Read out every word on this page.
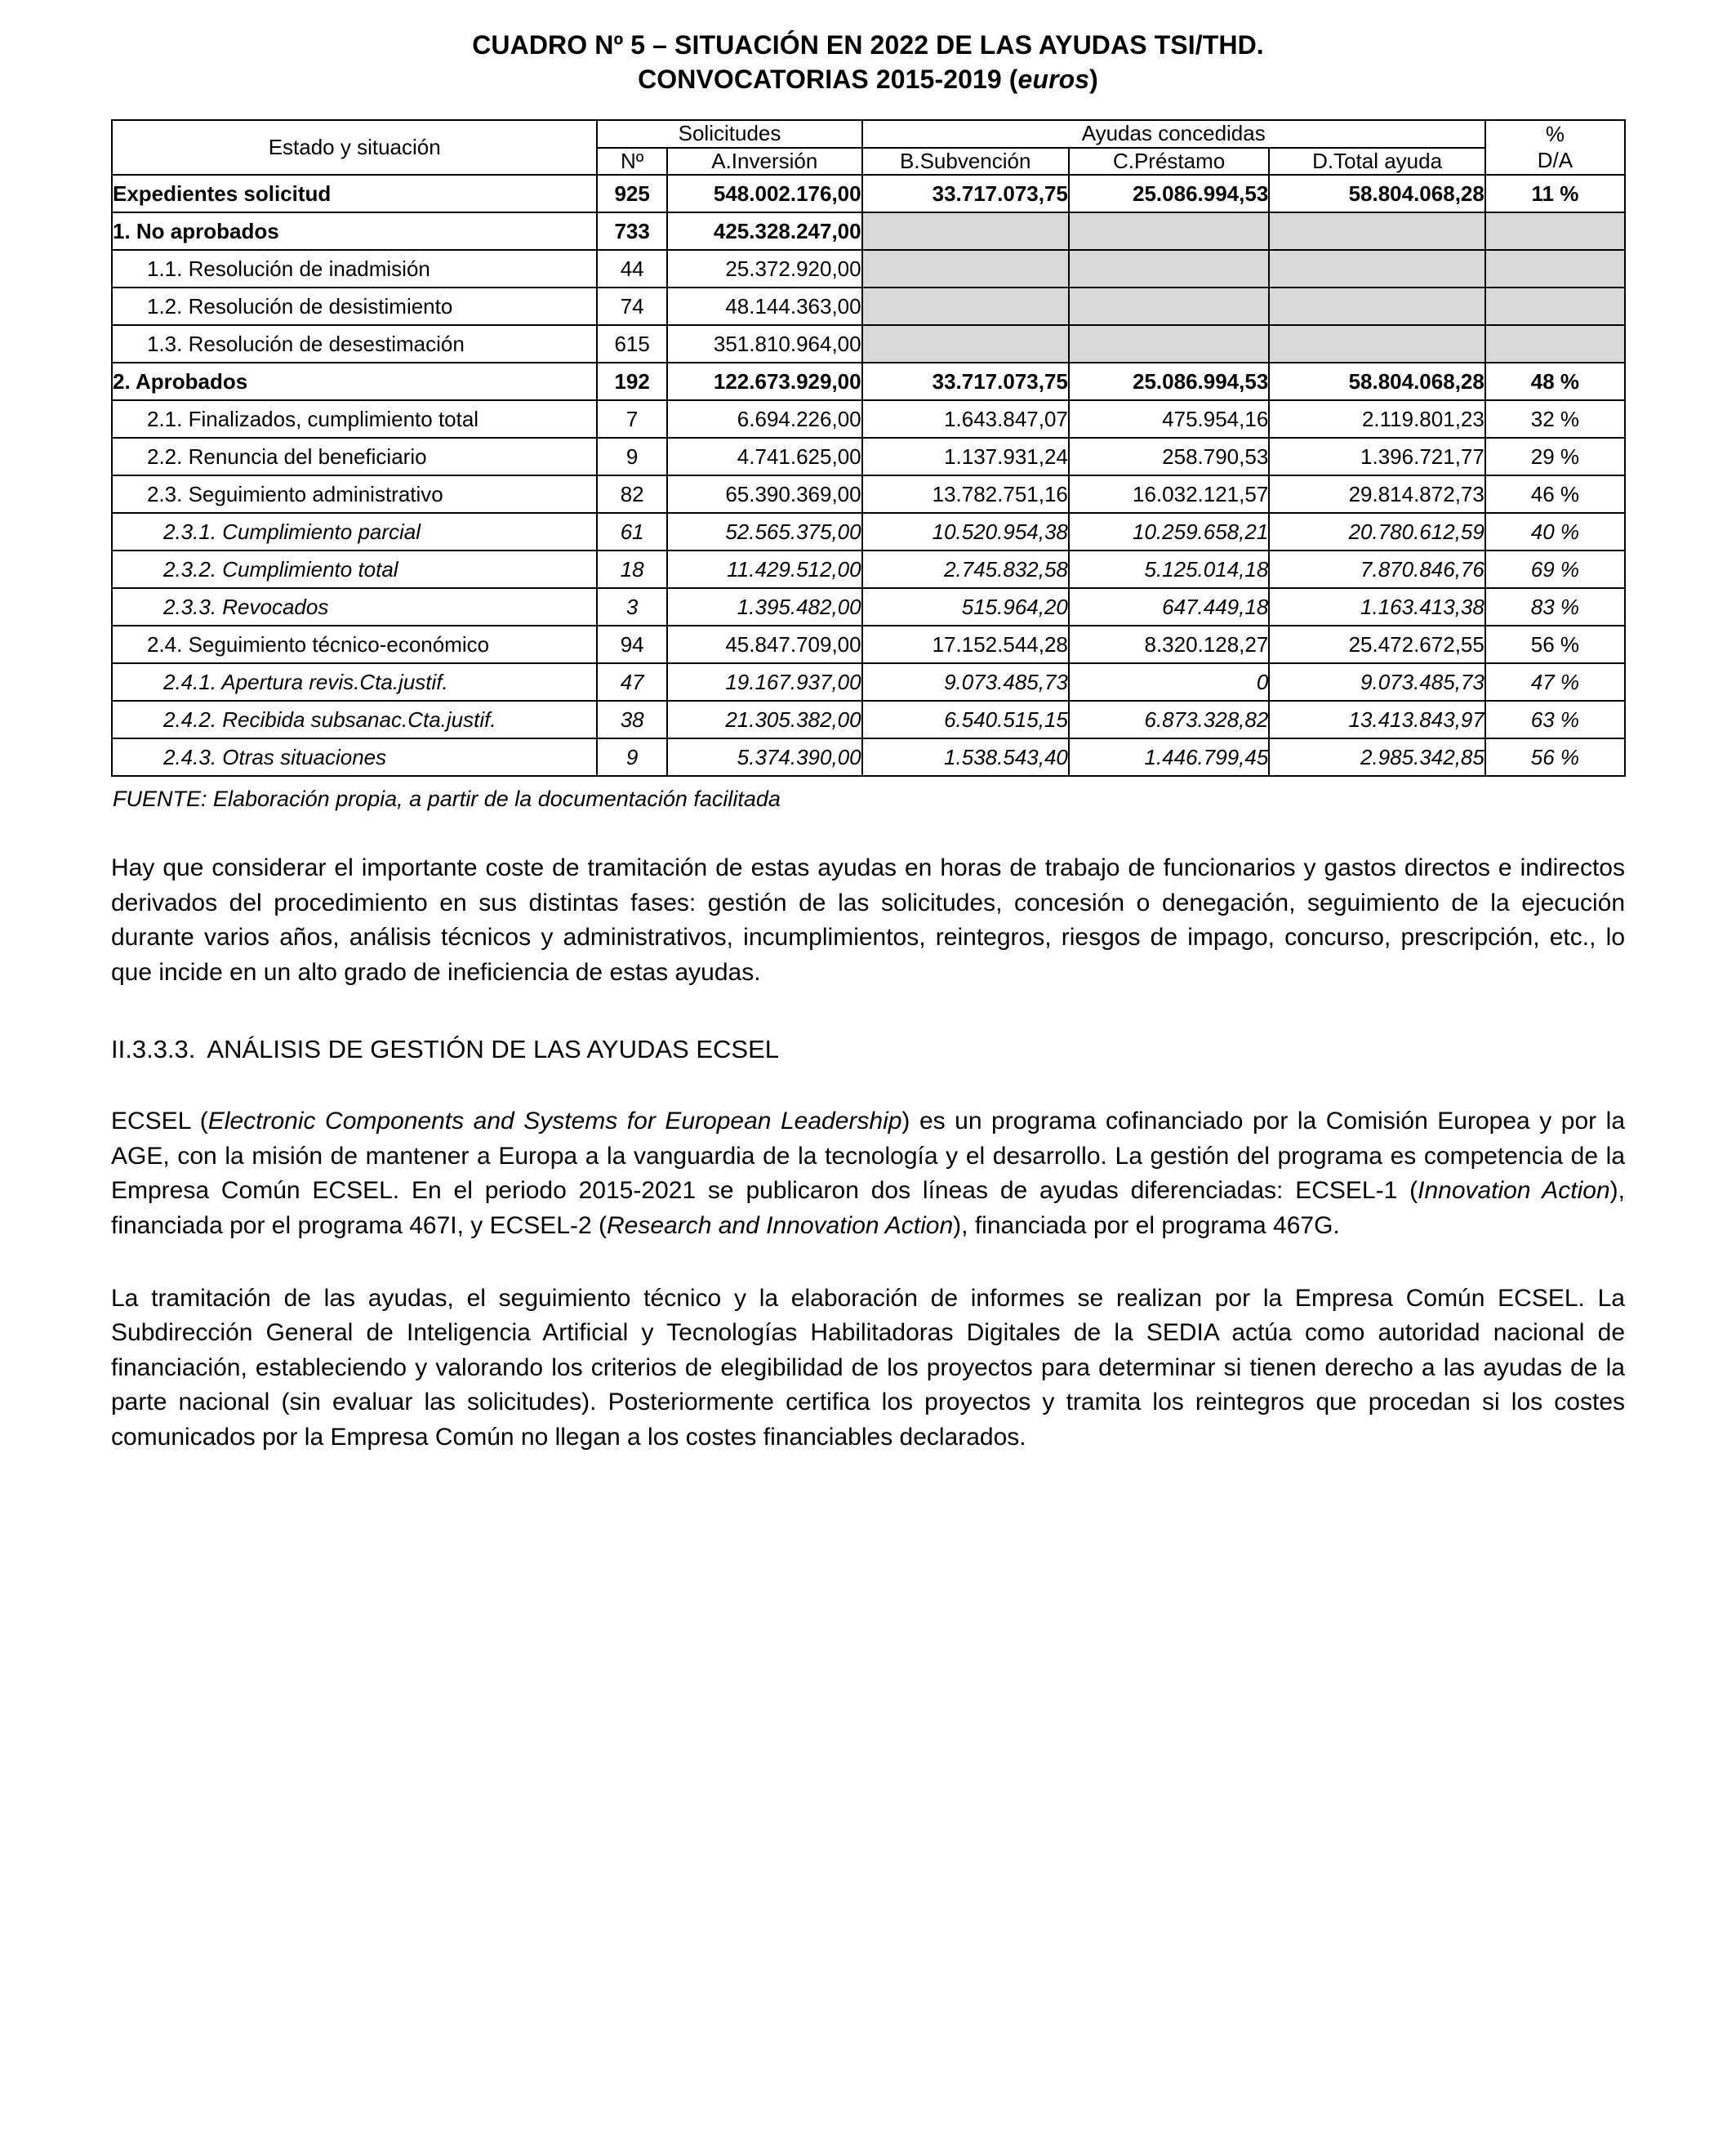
CUADRO Nº 5 – SITUACIÓN EN 2022 DE LAS AYUDAS TSI/THD.
CONVOCATORIAS 2015-2019 (euros)
Estado y situación	Solicitudes		Ayudas concedidas			%
D/A
	Nº	A.Inversión	B.Subvención	C.Préstamo	D.Total ayuda	
Expedientes solicitud	925	548.002.176,00	33.717.073,75	25.086.994,53	58.804.068,28	11 %
1. No aprobados	733	425.328.247,00				
1.1. Resolución de inadmisión	44	25.372.920,00				
1.2. Resolución de desistimiento	74	48.144.363,00				
1.3. Resolución de desestimación	615	351.810.964,00				
2. Aprobados	192	122.673.929,00	33.717.073,75	25.086.994,53	58.804.068,28	48 %
2.1. Finalizados, cumplimiento total	7	6.694.226,00	1.643.847,07	475.954,16	2.119.801,23	32 %
2.2. Renuncia del beneficiario	9	4.741.625,00	1.137.931,24	258.790,53	1.396.721,77	29 %
2.3. Seguimiento administrativo	82	65.390.369,00	13.782.751,16	16.032.121,57	29.814.872,73	46 %
2.3.1. Cumplimiento parcial	61	52.565.375,00	10.520.954,38	10.259.658,21	20.780.612,59	40 %
2.3.2. Cumplimiento total	18	11.429.512,00	2.745.832,58	5.125.014,18	7.870.846,76	69 %
2.3.3. Revocados	3	1.395.482,00	515.964,20	647.449,18	1.163.413,38	83 %
2.4. Seguimiento técnico-económico	94	45.847.709,00	17.152.544,28	8.320.128,27	25.472.672,55	56 %
2.4.1. Apertura revis.Cta.justif.	47	19.167.937,00	9.073.485,73	0	9.073.485,73	47 %
2.4.2. Recibida subsanac.Cta.justif.	38	21.305.382,00	6.540.515,15	6.873.328,82	13.413.843,97	63 %
2.4.3. Otras situaciones	9	5.374.390,00	1.538.543,40	1.446.799,45	2.985.342,85	56 %
FUENTE: Elaboración propia, a partir de la documentación facilitada

Hay que considerar el importante coste de tramitación de estas ayudas en horas de trabajo de funcionarios y gastos directos e indirectos derivados del procedimiento en sus distintas fases: gestión de las solicitudes, concesión o denegación, seguimiento de la ejecución durante varios años, análisis técnicos y administrativos, incumplimientos, reintegros, riesgos de impago, concurso, prescripción, etc., lo que incide en un alto grado de ineficiencia de estas ayudas.

II.3.3.3. ANÁLISIS DE GESTIÓN DE LAS AYUDAS ECSEL

ECSEL (Electronic Components and Systems for European Leadership) es un programa cofinanciado por la Comisión Europea y por la AGE, con la misión de mantener a Europa a la vanguardia de la tecnología y el desarrollo. La gestión del programa es competencia de la Empresa Común ECSEL. En el periodo 2015-2021 se publicaron dos líneas de ayudas diferenciadas: ECSEL-1 (Innovation Action), financiada por el programa 467I, y ECSEL-2 (Research and Innovation Action), financiada por el programa 467G.

La tramitación de las ayudas, el seguimiento técnico y la elaboración de informes se realizan por la Empresa Común ECSEL. La Subdirección General de Inteligencia Artificial y Tecnologías Habilitadoras Digitales de la SEDIA actúa como autoridad nacional de financiación, estableciendo y valorando los criterios de elegibilidad de los proyectos para determinar si tienen derecho a las ayudas de la parte nacional (sin evaluar las solicitudes). Posteriormente certifica los proyectos y tramita los reintegros que procedan si los costes comunicados por la Empresa Común no llegan a los costes financiables declarados.
